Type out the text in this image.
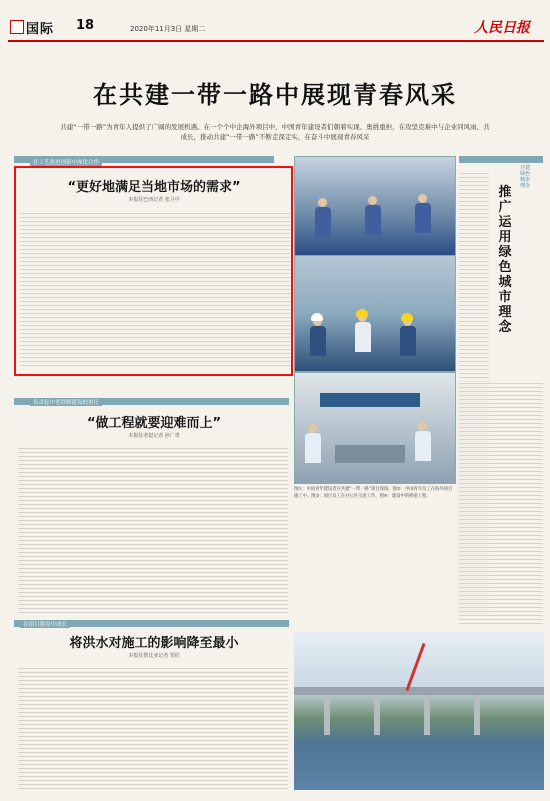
国际 18	2020年11月3日 星期二	人民日报
在共建一带一路中展现青春风采
共建“一带一路”为青年人提供了广阔的发展机遇。在一个个中企海外项目中，中国青年建设者们朝着实现、勇挑重担，在攻坚克难中与企业同风雨、共成长，推动共建“一带一路”不断走深走实，在奋斗中展现青春风采
在工艺改进创新中深化合作
“更好地满足当地市场的需求”
本报驻巴西记者 张卫中

图①：中国青年建设者在共建“一带一路”项目现场。图②：中国青年员工在海外项目施工中。图③：项目员工在办公区交流工作。图④：建设中的桥梁工程。
共建绿色城市理念
推广运用绿色城市理念
负责起中老铁路建设的重任
“做工程就要迎难而上”
本报驻老挝记者 孙广勇
在项目建设中成长
将洪水对施工的影响降至最小
本报驻赞比亚记者 邹松
